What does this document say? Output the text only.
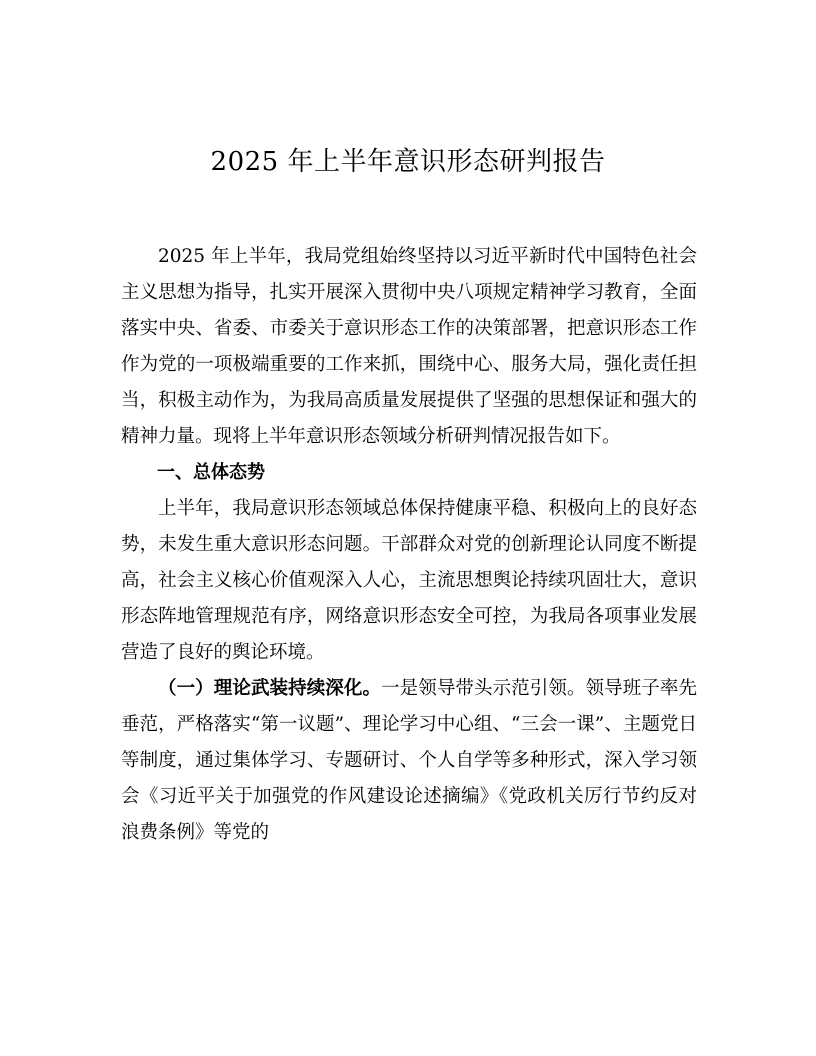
2025 年上半年意识形态研判报告

2025 年上半年，我局党组始终坚持以习近平新时代中国特色社会主义思想为指导，扎实开展深入贯彻中央八项规定精神学习教育，全面落实中央、省委、市委关于意识形态工作的决策部署，把意识形态工作作为党的一项极端重要的工作来抓，围绕中心、服务大局，强化责任担当，积极主动作为，为我局高质量发展提供了坚强的思想保证和强大的精神力量。现将上半年意识形态领域分析研判情况报告如下。

一、总体态势

上半年，我局意识形态领域总体保持健康平稳、积极向上的良好态势，未发生重大意识形态问题。干部群众对党的创新理论认同度不断提高，社会主义核心价值观深入人心，主流思想舆论持续巩固壮大，意识形态阵地管理规范有序，网络意识形态安全可控，为我局各项事业发展营造了良好的舆论环境。

（一）理论武装持续深化。一是领导带头示范引领。领导班子率先垂范，严格落实“第一议题”、理论学习中心组、“三会一课”、主题党日等制度，通过集体学习、专题研讨、个人自学等多种形式，深入学习领会《习近平关于加强党的作风建设论述摘编》《党政机关厉行节约反对浪费条例》等党的
